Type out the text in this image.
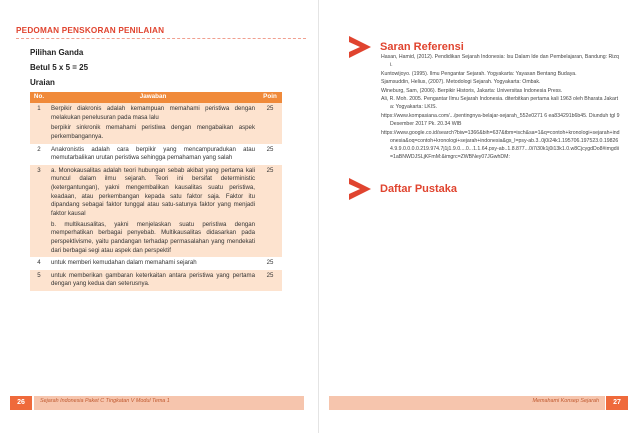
PEDOMAN PENSKORAN PENILAIAN
Pilihan Ganda
Betul 5 x 5 = 25
Uraian
No.	Jawaban	Poin
1	Berpikir diakronis adalah kemampuan memahami peristiwa dengan melakukan penelusuran pada masa lalu
berpikir sinkronik memahami peristiwa dengan mengabaikan aspek perkembangannya.	25
2	Anakronistis adalah cara berpikir yang mencampuradukan atau memutarbalikan urutan peristiwa sehingga pemahaman yang salah	25
3	a. Monokausalitas adalah teori hubungan sebab akibat yang pertama kali muncul dalam ilmu sejarah. Teori ini bersifat deterministic (ketergantungan), yakni mengembalikan kausalitas suatu peristiwa, keadaan, atau perkembangan kepada satu faktor saja. Faktor itu dipandang sebagai faktor tunggal atau satu-satunya faktor yang menjadi faktor kausal
b. multikausalitas, yakni menjelaskan suatu peristiwa dengan memperhatikan berbagai penyebab. Multikausalitas didasarkan pada perspektivisme, yaitu pandangan terhadap permasalahan yang mendekati dari berbagai segi atau aspek dan perspektif	25
4	untuk memberi kemudahan dalam memahami sejarah	25
5	untuk memberikan gambaran keterkaitan antara peristiwa yang pertama dengan yang kedua dan seterusnya.	25
26	Sejarah Indonesia Paket C Tingkatan V Modul Tema 1
Saran Referensi
Hasan, Hamid, (2012). Pendidikan Sejarah Indonesia: Isu Dalam Ide dan Pembelajaran, Bandung: Rizqi.
Kuntowijoyo. (1995). Ilmu Pengantar Sejarah. Yogyakarta: Yayasan Bentang Budaya.
Sjamsuddin, Helius, (2007). Metodologi Sejarah. Yogyakarta: Ombak.
Wineburg, Sam, (2006). Berpikir Historis, Jakarta: Universitas Indonesia Press.
Ali, R. Moh. 2005. Pengantar Ilmu Sejarah Indonesia. diterbitkan pertama kali 1963 oleh Bharata Jakarta: Yogyakarta: LKIS.
https://www.kompasiana.com/.../pentingnya-belajar-sejarah_552e0271 6 ea834291b6b45. Diunduh tgl 9 Desember 2017 Pk. 20.34 WIB
https://www.google.co.id/search?biw=1366&bih=637&tbm=isch&sa=1&q=contoh+kronologi+sejarah+indonesia&oq=contoh+kronologi+sejarah+indonesia&gs_l=psy-ab.3..0j0i24k1.195706.197523.0.198264.9.9.0.0.0.0.219.974.7j1j1.9.0....0...1.1.64.psy-ab..1.8.877...0i7i30k1j0i13k1.0.w8CjcygdDo8#imgdii=1aBNWDJSLjKFmM:&imgrc=ZWBNey07JGwhDM:
Daftar Pustaka
Memahami Konsep Sejarah	27
